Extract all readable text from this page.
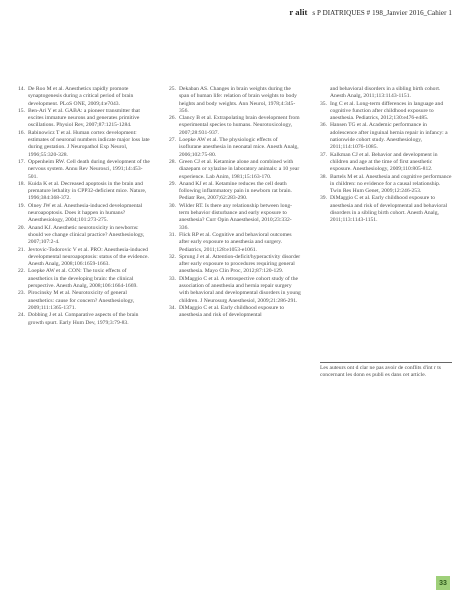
r alit s P DIATRIQUES # 198_Janvier 2016_Cahier 1
14. De Roo M et al. Anesthetics rapidly promote synaptogenesis during a critical period of brain development. PLoS ONE, 2009;4:e7043.
15. Ben-Ari Y et al. GABA: a pioneer transmitter that excites immature neurons and generates primitive oscillations. Physiol Rev, 2007;87:1215-1284.
16. Rabinowicz T et al. Human cortex development: estimates of neuronal numbers indicate major loss late during gestation. J Neuropathol Exp Neurol, 1996;55:320-328.
17. Oppenheim RW. Cell death during development of the nervous system. Annu Rev Neurosci, 1991;14:453-501.
18. Kuida K et al. Decreased apoptosis in the brain and premature lethality in CPP32-deficient mice. Nature, 1996;384:368-372.
19. Olney JW et al. Anesthesia-induced developmental neuroapoptosis. Does it happen in humans? Anesthesiology, 2004;101:273-275.
20. Anand KJ. Anesthetic neurotoxicity in newborns: should we change clinical practice? Anesthesiology, 2007;107:2-4.
21. Jevtovic-Todorovic V et al. PRO: Anesthesia-induced developmental neuroapoptosis: status of the evidence. Anesth Analg, 2008;106:1659-1663.
22. Loepke AW et al. CON: The toxic effects of anesthetics in the developing brain: the clinical perspective. Anesth Analg, 2008;106:1664-1669.
23. Pirocinsky M et al. Neurotoxicity of general anesthetics: cause for concern? Anesthesiology, 2009;111:1365-1371.
24. Dobbing J et al. Comparative aspects of the brain growth spurt. Early Hum Dev, 1979;3:79-83.
25. Dekaban AS. Changes in brain weights during the span of human life: relation of brain weights to body heights and body weights. Ann Neurol, 1978;4:345-356.
26. Clancy B et al. Extrapolating brain development from experimental species to humans. Neurotoxicology, 2007;28:931-937.
27. Loepke AW et al. The physiologic effects of isoflurane anesthesia in neonatal mice. Anesth Analg, 2006;102:75-80.
28. Green CJ et al. Ketamine alone and combined with diazepam or xylazine in laboratory animals: a 10 year experience. Lab Anim, 1981;15:163-170.
29. Anand KJ et al. Ketamine reduces the cell death following inflammatory pain in newborn rat brain. Pediatr Res, 2007;62:283-290.
30. Wilder RT. Is there any relationship between long-term behavior disturbance and early exposure to anesthesia? Curr Opin Anaesthesiol, 2010;23:332-336.
31. Flick RP et al. Cognitive and behavioral outcomes after early exposure to anesthesia and surgery. Pediatrics, 2011;128:e1053-e1061.
32. Sprung J et al. Attention-deficit/hyperactivity disorder after early exposure to procedures requiring general anesthesia. Mayo Clin Proc, 2012;87:120-129.
33. DiMaggio C et al. A retrospective cohort study of the association of anesthesia and hernia repair surgery with behavioral and developmental disorders in young children. J Neurosurg Anesthesiol, 2009;21:286-291.
34. DiMaggio C et al. Early childhood exposure to anesthesia and risk of developmental
and behavioral disorders in a sibling birth cohort. Anesth Analg, 2011;113:1143-1151.
35. Ing C et al. Long-term differences in language and cognitive function after childhood exposure to anesthesia. Pediatrics, 2012;130:e476-e485.
36. Hansen TG et al. Academic performance in adolescence after inguinal hernia repair in infancy: a nationwide cohort study. Anesthesiology, 2011;114:1076-1085.
37. Kalkman CJ et al. Behavior and development in children and age at the time of first anesthetic exposure. Anesthesiology, 2009;110:805-812.
38. Bartels M et al. Anesthesia and cognitive performance in children: no evidence for a causal relationship. Twin Res Hum Genet, 2009;12:246-253.
39. DiMaggio C et al. Early childhood exposure to anesthesia and risk of developmental and behavioral disorders in a sibling birth cohort. Anesth Analg, 2011;113:1143-1151.
Les auteurs ont d clar ne pas avoir de conflits d'int r ts concernant les donn es publi es dans cet article.
33
